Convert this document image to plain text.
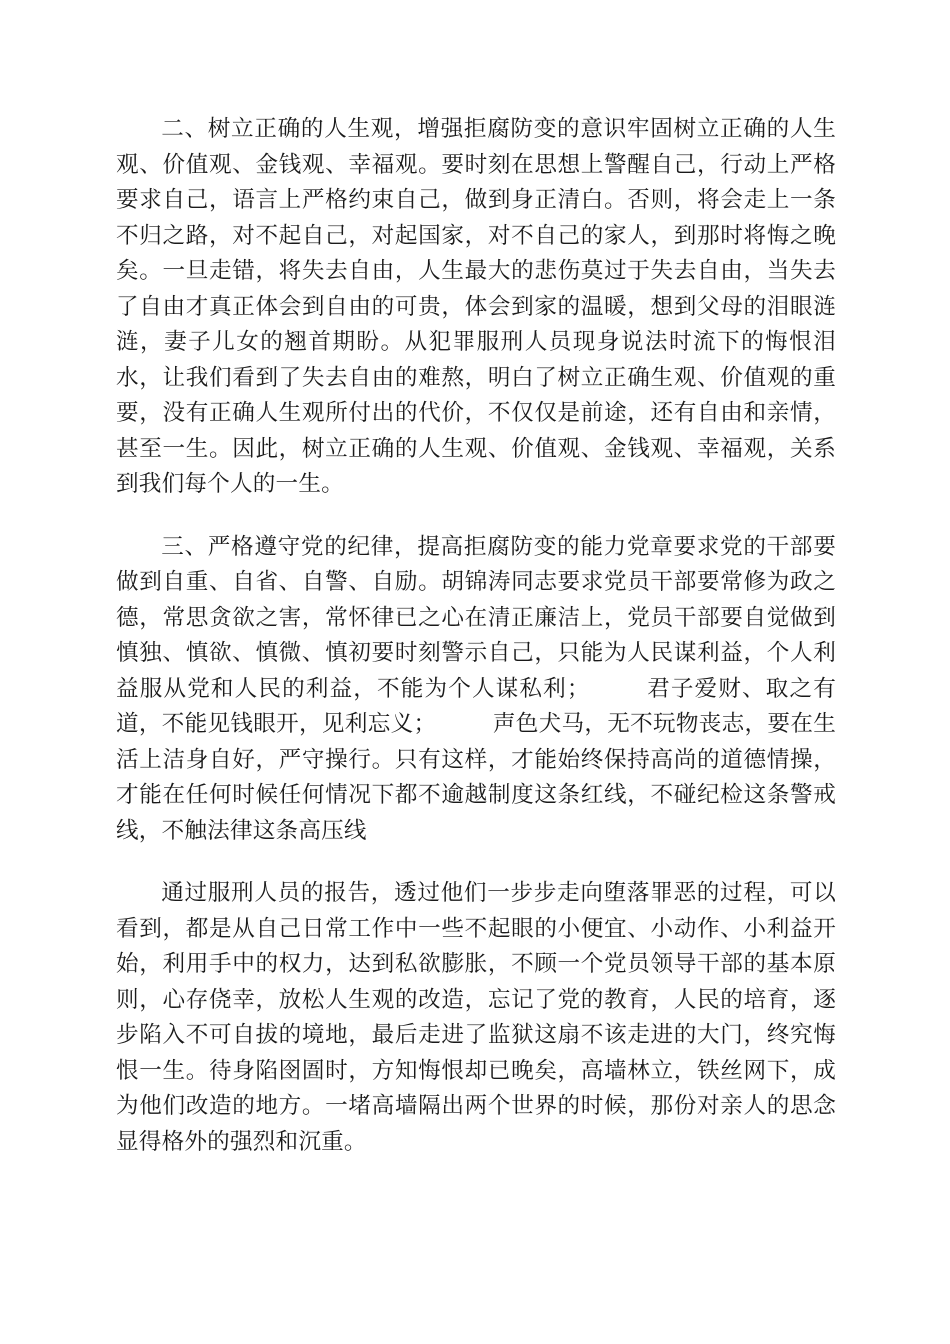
二、树立正确的人生观，增强拒腐防变的意识牢固树立正确的人生观、价值观、金钱观、幸福观。要时刻在思想上警醒自己，行动上严格要求自己，语言上严格约束自己，做到身正清白。否则，将会走上一条不归之路，对不起自己，对起国家，对不自己的家人，到那时将悔之晚矣。一旦走错，将失去自由，人生最大的悲伤莫过于失去自由，当失去了自由才真正体会到自由的可贵，体会到家的温暖，想到父母的泪眼涟涟，妻子儿女的翘首期盼。从犯罪服刑人员现身说法时流下的悔恨泪水，让我们看到了失去自由的难熬，明白了树立正确生观、价值观的重要，没有正确人生观所付出的代价，不仅仅是前途，还有自由和亲情，甚至一生。因此，树立正确的人生观、价值观、金钱观、幸福观，关系到我们每个人的一生。

三、严格遵守党的纪律，提高拒腐防变的能力党章要求党的干部要做到自重、自省、自警、自励。胡锦涛同志要求党员干部要常修为政之德，常思贪欲之害，常怀律已之心在清正廉洁上，党员干部要自觉做到慎独、慎欲、慎微、慎初要时刻警示自己，只能为人民谋利益，个人利益服从党和人民的利益，不能为个人谋私利；	君子爱财、取之有道，不能见钱眼开，见利忘义；	声色犬马，无不玩物丧志，要在生活上洁身自好，严守操行。只有这样，才能始终保持高尚的道德情操，才能在任何时候任何情况下都不逾越制度这条红线，不碰纪检这条警戒线，不触法律这条高压线

通过服刑人员的报告，透过他们一步步走向堕落罪恶的过程，可以看到，都是从自己日常工作中一些不起眼的小便宜、小动作、小利益开始，利用手中的权力，达到私欲膨胀，不顾一个党员领导干部的基本原则，心存侥幸，放松人生观的改造，忘记了党的教育，人民的培育，逐步陷入不可自拔的境地，最后走进了监狱这扇不该走进的大门，终究悔恨一生。待身陷囹圄时，方知悔恨却已晚矣，高墙林立，铁丝网下，成为他们改造的地方。一堵高墙隔出两个世界的时候，那份对亲人的思念显得格外的强烈和沉重。
